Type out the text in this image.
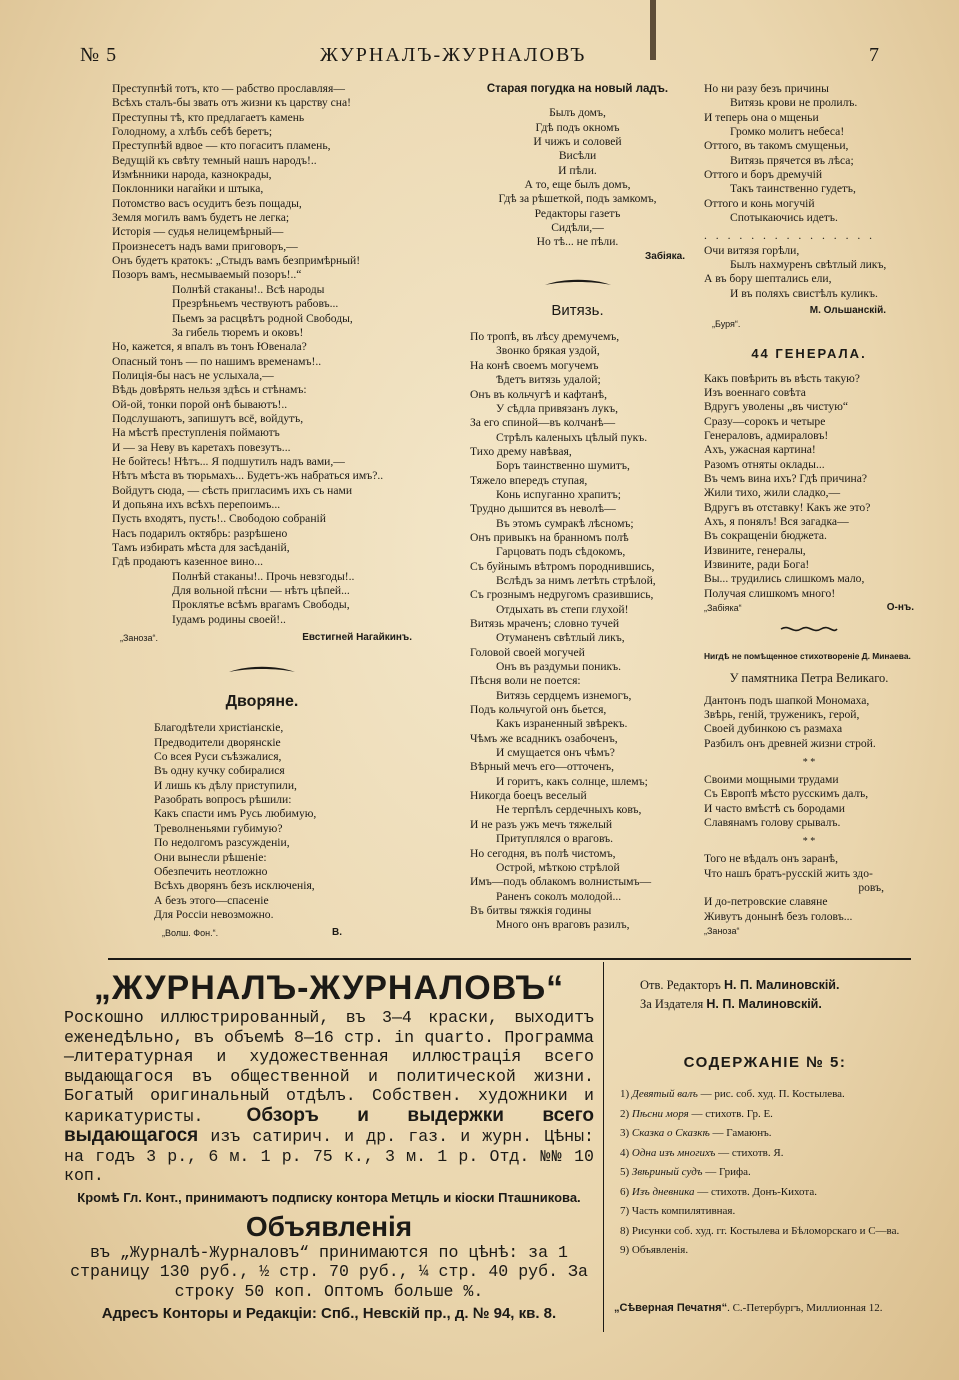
№ 5	ЖУРНАЛЪ-ЖУРНАЛОВЪ	7
Преступнѣй тотъ, кто — рабство прославляя—
Всѣхъ сталъ-бы звать отъ жизни къ царству сна!
Преступны тѣ, кто предлагаетъ камень
Голодному, а хлѣбъ себѣ беретъ;
Преступнѣй вдвое — кто погаситъ пламень,
Ведущій къ свѣту темный нашъ народъ!..
Измѣнники народа, казнокрады,
Поклонники нагайки и штыка,
Потомство васъ осудитъ безъ пощады,
Земля могилъ вамъ будетъ не легка;
Исторія — судья нелицемѣрный—
Произнесетъ надъ вами приговоръ,—
Онъ будетъ кратокъ: „Стыдъ вамъ безпримѣрный!
Позоръ вамъ, несмываемый позоръ!..“
Полнѣй стаканы!.. Всѣ народы
Презрѣньемъ чествуютъ рабовъ...
Пьемъ за расцвѣтъ родной Свободы,
За гибель тюремъ и оковъ!
Но, кажется, я впалъ въ тонъ Ювенала?
Опасный тонъ — по нашимъ временамъ!..
Полиція-бы насъ не услыхала,—
Вѣдь довѣрять нельзя здѣсь и стѣнамъ:
Ой-ой, тонки порой онѣ бываютъ!..
Подслушаютъ, запишутъ всё, войдутъ,
На мѣстѣ преступленія поймаютъ
И — за Неву въ каретахъ повезутъ...
Не бойтесь! Нѣтъ... Я подшутилъ надъ вами,—
Нѣтъ мѣста въ тюрьмахъ... Будетъ-жъ набраться имъ?..
Войдутъ сюда, — сѣсть пригласимъ ихъ съ нами
И допьяна ихъ всѣхъ перепоимъ...
Пусть входятъ, пусть!.. Свободою собраній
Насъ подарилъ октябрь: разрѣшено
Тамъ избирать мѣста для засѣданій,
Гдѣ продаютъ казенное вино...
Полнѣй стаканы!.. Прочь невзгоды!..
Для вольной пѣсни — нѣтъ цѣпей...
Проклятье всѣмъ врагамъ Свободы,
Іудамъ родины своей!..
„Заноза“.	Евстигней Нагайкинъ.
Дворяне.
Благодѣтели христіанскіе,
Предводители дворянскіе
Со всея Руси съѣзжалися,
Въ одну кучку собиралися
И лишь къ дѣлу приступили,
Разобрать вопросъ рѣшили:
Какъ спасти имъ Русь любимую,
Треволненьями губимую?
По недолгомъ разсужденіи,
Они вынесли рѣшеніе:
Обезпечить неотложно
Всѣхъ дворянъ безъ исключенія,
А безъ этого—спасеніе
Для Россіи невозможно.
„Волш. Фон.“.	В.
Старая погудка на новый ладъ.
Былъ домъ,
Гдѣ подъ окномъ
И чижъ и соловей
Висѣли
И пѣли.
А то, еще былъ домъ,
Гдѣ за рѣшеткой, подъ замкомъ,
Редакторы газетъ
Сидѣли,—
Но тѣ... не пѣли.
Забіяка.
Витязь.
По тропѣ, въ лѣсу дремучемъ,
Звонко брякая уздой,
На конѣ своемъ могучемъ
Ѣдетъ витязь удалой;
Онъ въ кольчугѣ и кафтанѣ,
У сѣдла привязанъ лукъ,
За его спиной—въ колчанѣ—
Стрѣлъ каленыхъ цѣлый пукъ.
Тихо дрему навѣвая,
Боръ таинственно шумитъ,
Тяжело впередъ ступая,
Конь испуганно храпитъ;
Трудно дышится въ неволѣ—
Въ этомъ сумракѣ лѣсномъ;
Онъ привыкъ на бранномъ полѣ
Гарцовать подъ сѣдокомъ,
Съ буйнымъ вѣтромъ породнившись,
Вслѣдъ за нимъ летѣть стрѣлой,
Съ грознымъ недругомъ сразившись,
Отдыхать въ степи глухой!
Витязь мраченъ; словно тучей
Отуманенъ свѣтлый ликъ,
Головой своей могучей
Онъ въ раздумьи поникъ.
Пѣсня воли не поется:
Витязь сердцемъ изнемогъ,
Подъ кольчугой онъ бьется,
Какъ израненный звѣрекъ.
Чѣмъ же всадникъ озабоченъ,
И смущается онъ чѣмъ?
Вѣрный мечъ его—отточенъ,
И горитъ, какъ солнце, шлемъ;
Никогда боецъ веселый
Не терпѣлъ сердечныхъ ковъ,
И не разъ ужъ мечъ тяжелый
Притуплялся о враговъ.
Но сегодня, въ полѣ чистомъ,
Острой, мѣткою стрѣлой
Имъ—подъ облакомъ волнистымъ—
Раненъ соколъ молодой...
Въ битвы тяжкія годины
Много онъ враговъ разилъ,
Но ни разу безъ причины
Витязь крови не пролилъ.
И теперь она о мщеньи
Громко молитъ небеса!
Оттого, въ такомъ смущеньи,
Витязь прячется въ лѣса;
Оттого и боръ дремучій
Такъ таинственно гудетъ,
Оттого и конь могучій
Спотыкаючись идетъ.
. . . . . . . . . . . . . . .
Очи витязя горѣли,
Былъ нахмуренъ свѣтлый ликъ,
А въ бору шептались ели,
И въ поляхъ свистѣлъ куликъ.
М. Ольшанскій.
„Буря“.
44 ГЕНЕРАЛА.
Какъ повѣрить въ вѣсть такую?
Изъ военнаго совѣта
Вдругъ уволены „въ чистую“
Сразу—сорокъ и четыре
Генераловъ, адмираловъ!
Ахъ, ужасная картина!
Разомъ отняты оклады...
Въ чемъ вина ихъ? Гдѣ причина?
Жили тихо, жили сладко,—
Вдругъ въ отставку! Какъ же это?
Ахъ, я понялъ! Вся загадка—
Въ сокращеніи бюджета.
Извините, генералы,
Извините, ради Бога!
Вы... трудились слишкомъ мало,
Получая слишкомъ много!
„Забіяка“	О-нъ.
Нигдѣ не помѣщенное стихотвореніе Д. Минаева.
У памятника Петра Великаго.
Дантонъ подъ шапкой Мономаха,
Звѣрь, геній, труженикъ, герой,
Своей дубинкою съ размаха
Разбилъ онъ древней жизни строй.
* *
Своими мощными трудами
Съ Европѣ мѣсто русскимъ далъ,
И часто вмѣстѣ съ бородами
Славянамъ голову срывалъ.
* *
Того не вѣдалъ онъ заранѣ,
Что нашъ братъ-русскій жить здо-
ровъ,
И до-петровские славяне
Живутъ донынѣ безъ головъ...
„Заноза“
„ЖУРНАЛЪ-ЖУРНАЛОВЪ“
Роскошно иллюстрированный, въ 3—4 краски, выходитъ еженедѣльно, въ объемѣ 8—16 стр. in quarto. Программа—литературная и художественная иллюстрація всего выдающагося въ общественной и политической жизни. Богатый оригинальный отдѣлъ. Собствен. художники и карикатуристы. Обзоръ и выдержки всего выдающагося изъ сатирич. и др. газ. и журн. Цѣны: на годъ 3 р., 6 м. 1 р. 75 к., 3 м. 1 р. Отд. №№ 10 коп.
Кромѣ Гл. Конт., принимаютъ подписку контора Метцль и кіоски Пташникова.
Объявленія
въ „Журналѣ-Журналовъ“ принимаются по цѣнѣ: за 1 страницу 130 руб., ½ стр. 70 руб., ¼ стр. 40 руб. За строку 50 коп. Оптомъ больше %.
Адресъ Конторы и Редакціи: Спб., Невскій пр., д. № 94, кв. 8.
Отв. Редакторъ Н. П. Малиновскій.
За Издателя Н. П. Малиновскій.
СОДЕРЖАНІЕ № 5:
1) Девятый валъ — рис. соб. худ. П. Костылева.
2) Пѣсни моря — стихотв. Гр. Е.
3) Сказка о Сказкѣ — Гамаюнъ.
4) Одна изъ многихъ — стихотв. Я.
5) Звѣриный судъ — Грифа.
6) Изъ дневника — стихотв. Донъ-Кихота.
7) Часть компилятивная.
8) Рисунки соб. худ. гг. Костылева и Бѣломорскаго и С—ва.
9) Объявленія.
„Сѣверная Печатня“. С.-Петербургъ, Миллионная 12.
